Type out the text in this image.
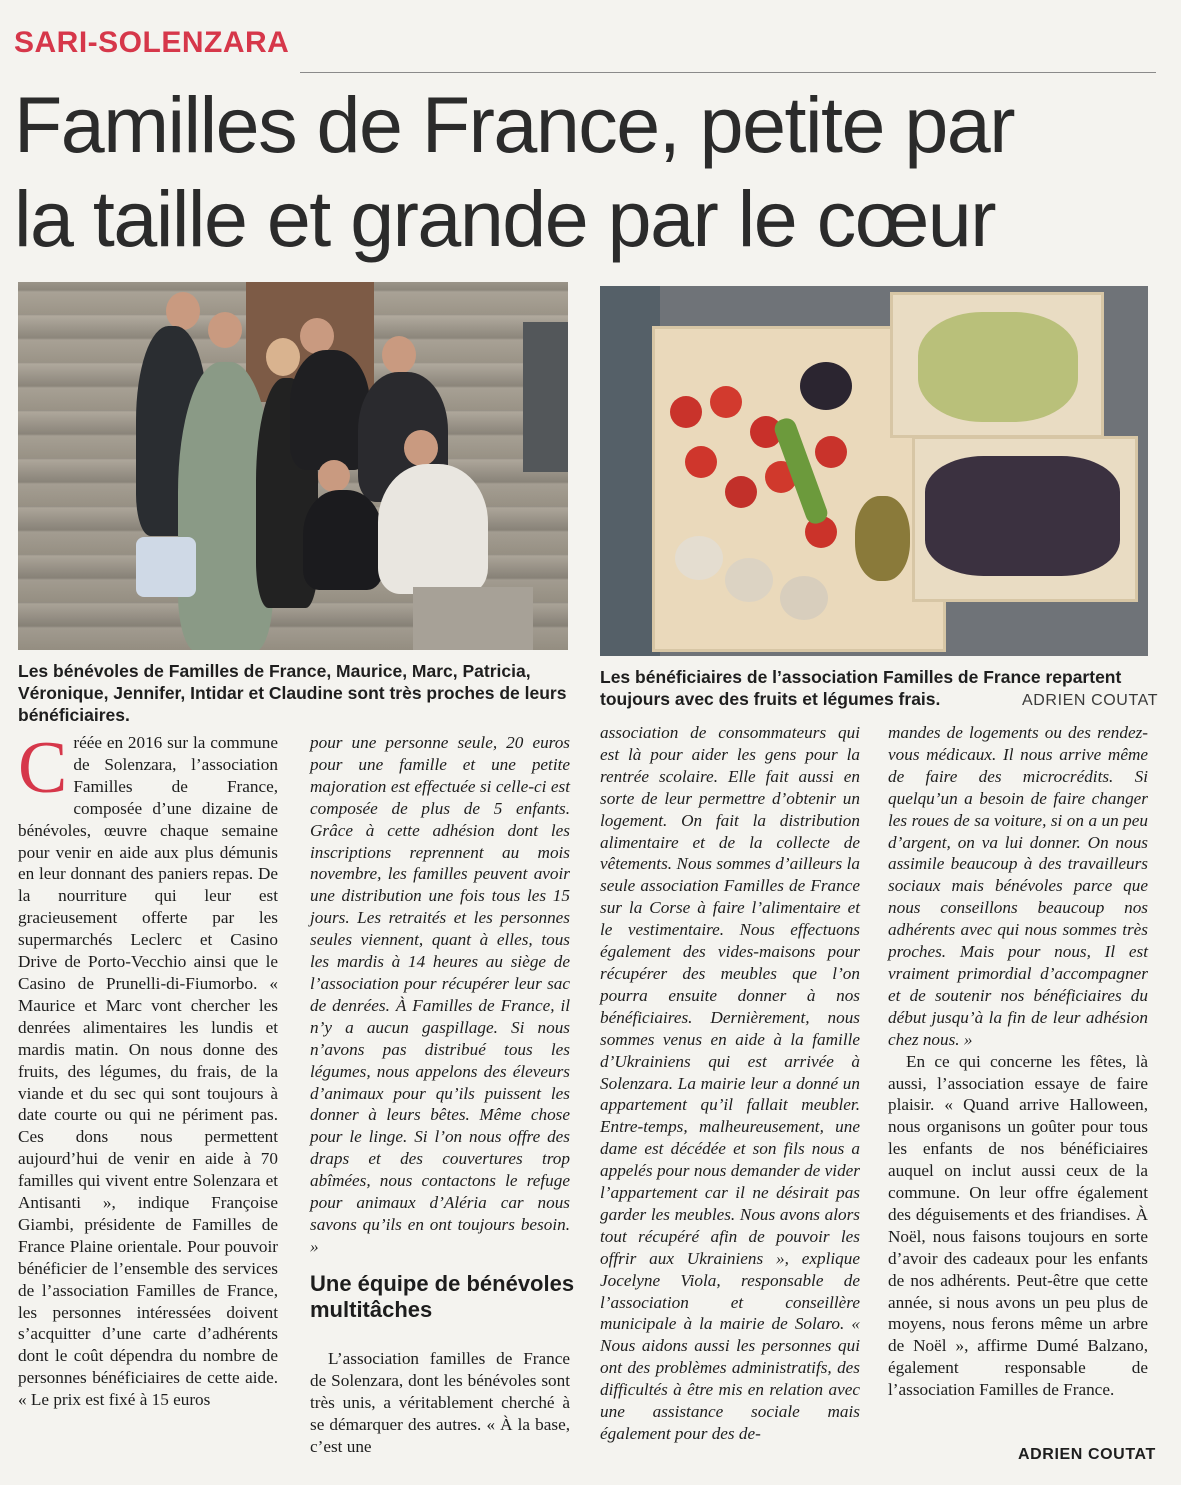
SARI-SOLENZARA
Familles de France, petite par
la taille et grande par le cœur

Les bénévoles de Familles de France, Maurice, Marc, Patricia, Véronique, Jennifer, Intidar et Claudine sont très proches de leurs bénéficiaires.

Les bénéficiaires de l’association Familles de France repartent toujours avec des fruits et légumes frais.	ADRIEN COUTAT
C réée en 2016 sur la commune de Solenzara, l’association Familles de France, composée d’une dizaine de bénévoles, œuvre chaque semaine pour venir en aide aux plus démunis en leur donnant des paniers repas. De la nourriture qui leur est gracieusement offerte par les supermarchés Leclerc et Casino Drive de Porto-Vecchio ainsi que le Casino de Prunelli-di-Fiumorbo. « Maurice et Marc vont chercher les denrées alimentaires les lundis et mardis matin. On nous donne des fruits, des légumes, du frais, de la viande et du sec qui sont toujours à date courte ou qui ne périment pas. Ces dons nous permettent aujourd’hui de venir en aide à 70 familles qui vivent entre Solenzara et Antisanti », indique Françoise Giambi, présidente de Familles de France Plaine orientale. Pour pouvoir bénéficier de l’ensemble des services de l’association Familles de France, les personnes intéressées doivent s’acquitter d’une carte d’adhérents dont le coût dépendra du nombre de personnes bénéficiaires de cette aide. « Le prix est fixé à 15 euros

pour une personne seule, 20 euros pour une famille et une petite majoration est effectuée si celle-ci est composée de plus de 5 enfants. Grâce à cette adhésion dont les inscriptions reprennent au mois novembre, les familles peuvent avoir une distribution une fois tous les 15 jours. Les retraités et les personnes seules viennent, quant à elles, tous les mardis à 14 heures au siège de l’association pour récupérer leur sac de denrées. À Familles de France, il n’y a aucun gaspillage. Si nous n’avons pas distribué tous les légumes, nous appelons des éleveurs d’animaux pour qu’ils puissent les donner à leurs bêtes. Même chose pour le linge. Si l’on nous offre des draps et des couvertures trop abîmées, nous contactons le refuge pour animaux d’Aléria car nous savons qu’ils en ont toujours besoin. »

Une équipe de bénévoles multitâches

L’association familles de France de Solenzara, dont les bénévoles sont très unis, a véritablement cherché à se démarquer des autres. « À la base, c’est une

association de consommateurs qui est là pour aider les gens pour la rentrée scolaire. Elle fait aussi en sorte de leur permettre d’obtenir un logement. On fait la distribution alimentaire et de la collecte de vêtements. Nous sommes d’ailleurs la seule association Familles de France sur la Corse à faire l’alimentaire et le vestimentaire. Nous effectuons également des vides-maisons pour récupérer des meubles que l’on pourra ensuite donner à nos bénéficiaires. Dernièrement, nous sommes venus en aide à la famille d’Ukrainiens qui est arrivée à Solenzara. La mairie leur a donné un appartement qu’il fallait meubler. Entre-temps, malheureusement, une dame est décédée et son fils nous a appelés pour nous demander de vider l’appartement car il ne désirait pas garder les meubles. Nous avons alors tout récupéré afin de pouvoir les offrir aux Ukrainiens », explique Jocelyne Viola, responsable de l’association et conseillère municipale à la mairie de Solaro. « Nous aidons aussi les personnes qui ont des problèmes administratifs, des difficultés à être mis en relation avec une assistance sociale mais également pour des de-

mandes de logements ou des rendez-vous médicaux. Il nous arrive même de faire des microcrédits. Si quelqu’un a besoin de faire changer les roues de sa voiture, si on a un peu d’argent, on va lui donner. On nous assimile beaucoup à des travailleurs sociaux mais bénévoles parce que nous conseillons beaucoup nos adhérents avec qui nous sommes très proches. Mais pour nous, Il est vraiment primordial d’accompagner et de soutenir nos bénéficiaires du début jusqu’à la fin de leur adhésion chez nous. »

En ce qui concerne les fêtes, là aussi, l’association essaye de faire plaisir. « Quand arrive Halloween, nous organisons un goûter pour tous les enfants de nos bénéficiaires auquel on inclut aussi ceux de la commune. On leur offre également des déguisements et des friandises. À Noël, nous faisons toujours en sorte d’avoir des cadeaux pour les enfants de nos adhérents. Peut-être que cette année, si nous avons un peu plus de moyens, nous ferons même un arbre de Noël », affirme Dumé Balzano, également responsable de l’association Familles de France.

ADRIEN COUTAT
